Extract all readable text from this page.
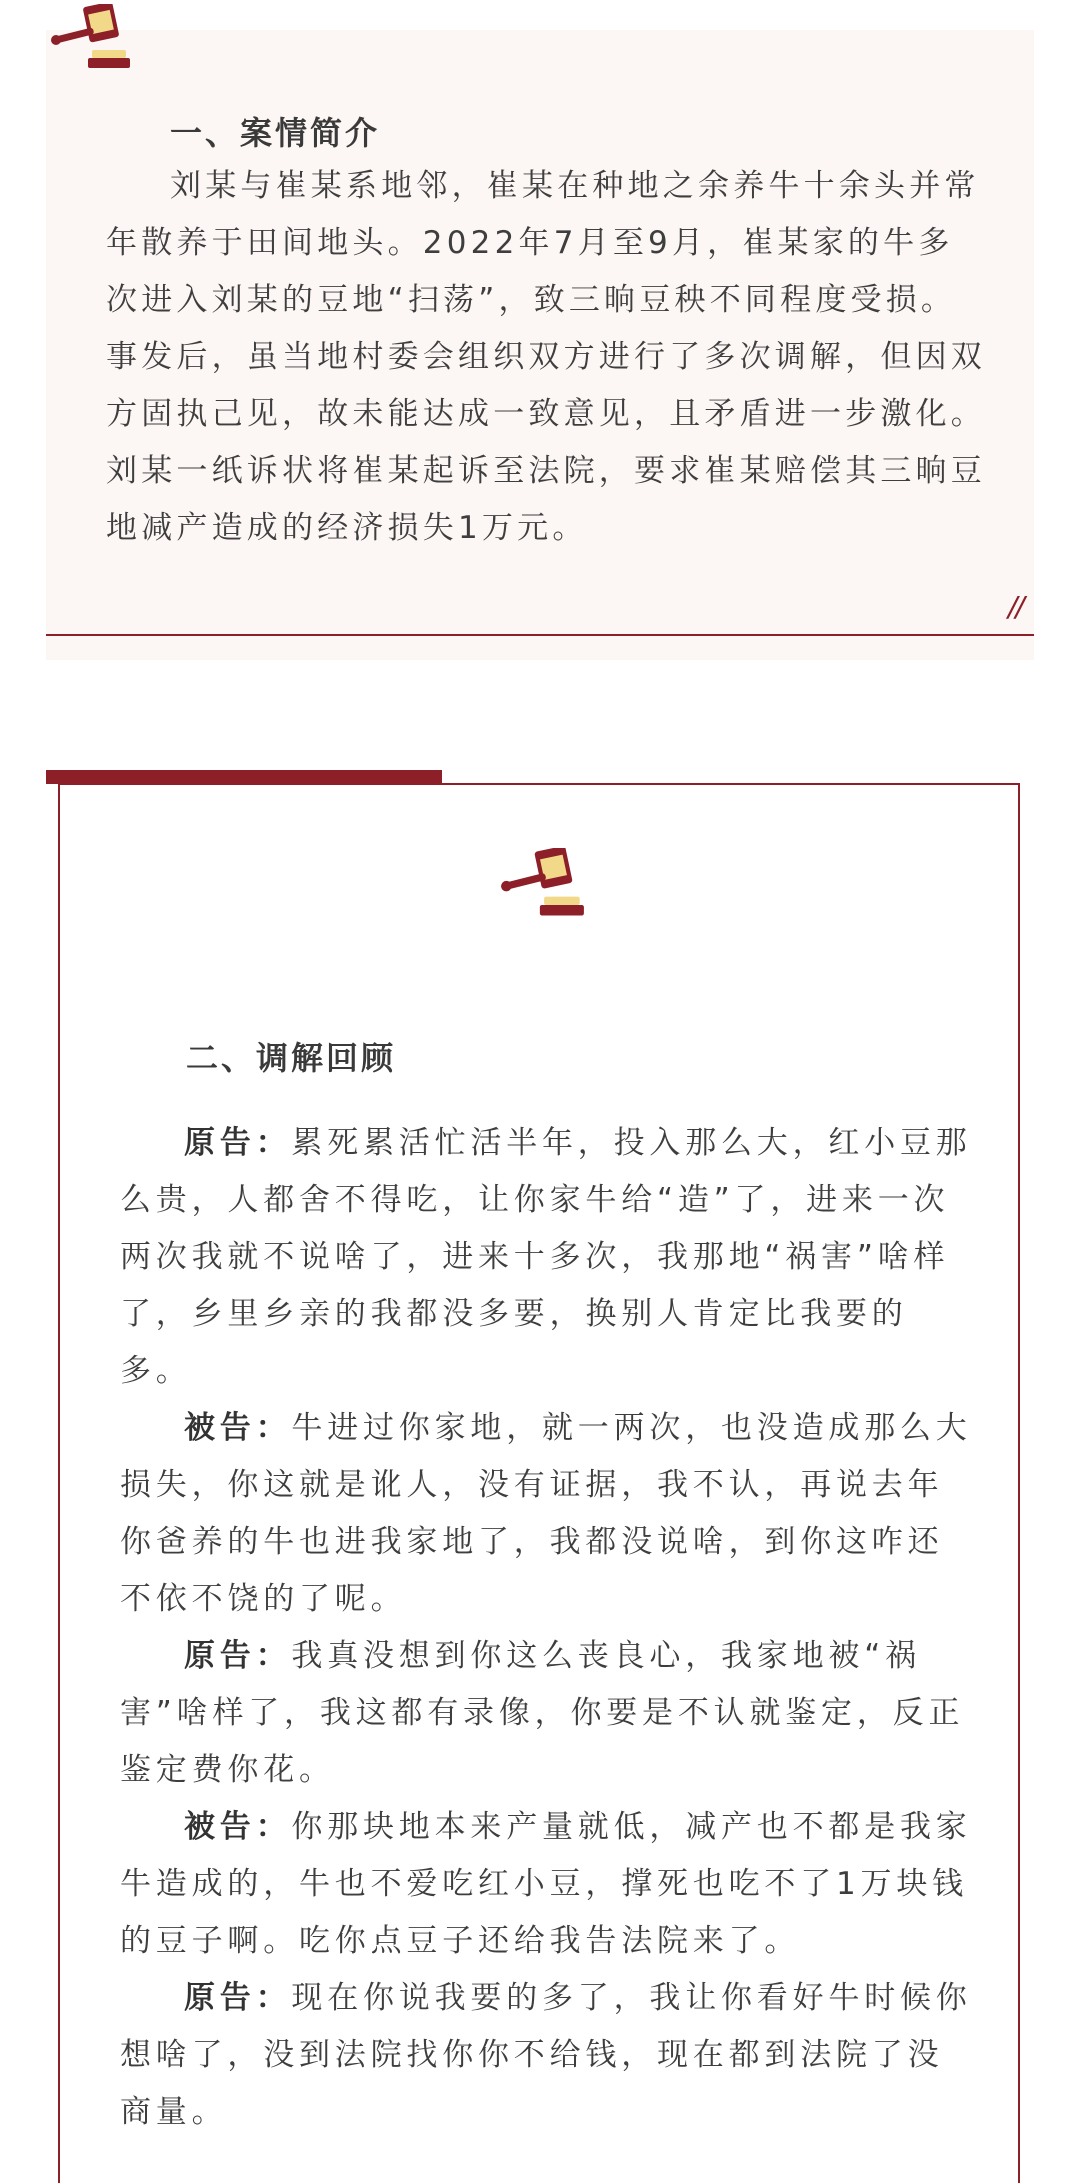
一、案情简介

刘某与崔某系地邻，崔某在种地之余养牛十余头并常年散养于田间地头。2022年7月至9月，崔某家的牛多次进入刘某的豆地“扫荡”，致三晌豆秧不同程度受损。事发后，虽当地村委会组织双方进行了多次调解，但因双方固执己见，故未能达成一致意见，且矛盾进一步激化。刘某一纸诉状将崔某起诉至法院，要求崔某赔偿其三晌豆地减产造成的经济损失1万元。

//
二、调解回顾

原告：累死累活忙活半年，投入那么大，红小豆那么贵，人都舍不得吃，让你家牛给“造”了，进来一次两次我就不说啥了，进来十多次，我那地“祸害”啥样了，乡里乡亲的我都没多要，换别人肯定比我要的多。

被告：牛进过你家地，就一两次，也没造成那么大损失，你这就是讹人，没有证据，我不认，再说去年你爸养的牛也进我家地了，我都没说啥，到你这咋还不依不饶的了呢。

原告：我真没想到你这么丧良心，我家地被“祸害”啥样了，我这都有录像，你要是不认就鉴定，反正鉴定费你花。

被告：你那块地本来产量就低，减产也不都是我家牛造成的，牛也不爱吃红小豆，撑死也吃不了1万块钱的豆子啊。吃你点豆子还给我告法院来了。

原告：现在你说我要的多了，我让你看好牛时候你想啥了，没到法院找你你不给钱，现在都到法院了没商量。
